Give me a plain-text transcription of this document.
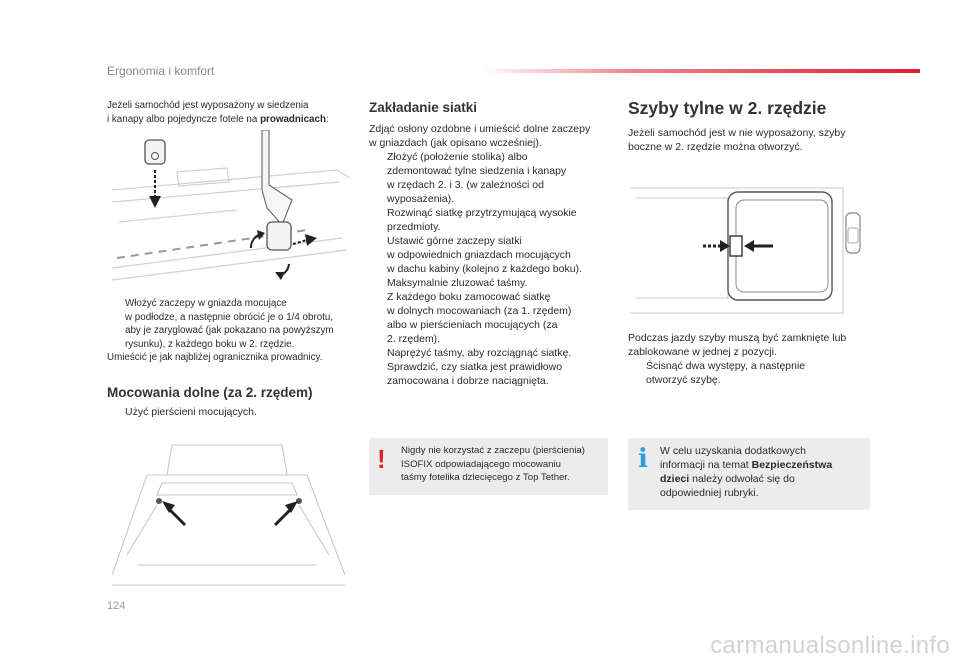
Ergonomia i komfort
Jeżeli samochód jest wyposażony w siedzenia
i kanapy albo pojedyncze fotele na prowadnicach:
Włożyć zaczepy w gniazda mocujące
w podłodze, a następnie obrócić je o 1/4 obrotu,
aby je zaryglować (jak pokazano na powyższym
rysunku), z każdego boku w 2. rzędzie.
Umieścić je jak najbliżej ogranicznika prowadnicy.
Mocowania dolne (za 2. rzędem)
Użyć pierścieni mocujących.
Zakładanie siatki
Zdjąć osłony ozdobne i umieścić dolne zaczepy
w gniazdach (jak opisano wcześniej).
Złożyć (położenie stolika) albo
zdemontować tylne siedzenia i kanapy
w rzędach 2. i 3. (w zależności od
wyposażenia).
Rozwinąć siatkę przytrzymującą wysokie
przedmioty.
Ustawić górne zaczepy siatki
w odpowiednich gniazdach mocujących
w dachu kabiny (kolejno z każdego boku).
Maksymalnie zluzować taśmy.
Z każdego boku zamocować siatkę
w dolnych mocowaniach (za 1. rzędem)
albo w pierścieniach mocujących (za
2. rzędem).
Naprężyć taśmy, aby rozciągnąć siatkę.
Sprawdzić, czy siatka jest prawidłowo
zamocowana i dobrze naciągnięta.
! Nigdy nie korzystać z zaczepu (pierścienia)
ISOFIX odpowiadającego mocowaniu
taśmy fotelika dziecięcego z Top Tether.
Szyby tylne w 2. rzędzie
Jeżeli samochód jest w nie wyposażony, szyby
boczne w 2. rzędzie można otworzyć.
Podczas jazdy szyby muszą być zamknięte lub
zablokowane w jednej z pozycji.
Ścisnąć dwa występy, a następnie
otworzyć szybę.
i W celu uzyskania dodatkowych
informacji na temat Bezpieczeństwa
dzieci należy odwołać się do
odpowiedniej rubryki.
124
carmanualsonline.info
